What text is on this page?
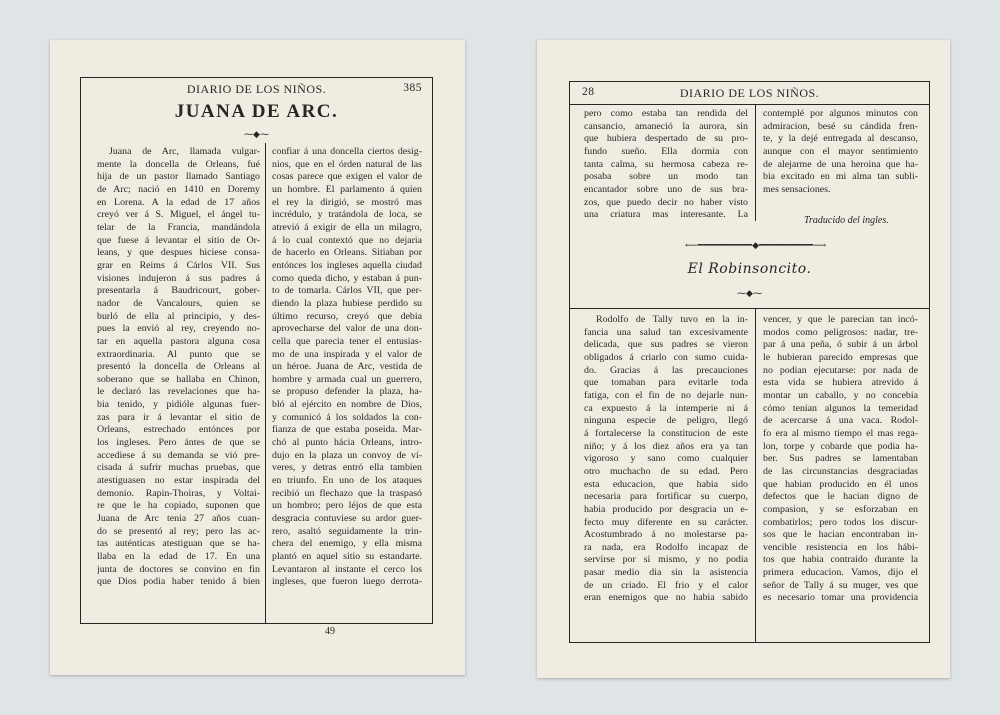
DIARIO DE LOS NIÑOS.	385
JUANA DE ARC.
⁓◆⁓
Juana de Arc, llamada vulgar-
mente la doncella de Orleans, fué
hija de un pastor llamado Santiago
de Arc; nació en 1410 en Doremy
en Lorena. A la edad de 17 años
creyó ver á S. Miguel, el ángel tu-
telar de la Francia, mandándola
que fuese á levantar el sitio de Or-
leans, y que despues hiciese consa-
grar en Reims á Cárlos VII. Sus
visiones indujeron á sus padres á
presentarla á Baudricourt, gober-
nador de Vancalours, quien se
burló de ella al principio, y des-
pues la envió al rey, creyendo no-
tar en aquella pastora alguna cosa
extraordinaria. Al punto que se
presentó la doncella de Orleans al
soberano que se hallaba en Chinon,
le declaró las revelaciones que ha-
bia tenido, y pidióle algunas fuer-
zas para ir á levantar el sitio de
Orleans, estrechado entónces por
los ingleses. Pero ántes de que se
accediese á su demanda se vió pre-
cisada á sufrir muchas pruebas, que
atestiguasen no estar inspirada del
demonio. Rapin-Thoiras, y Voltai-
re que le ha copiado, suponen que
Juana de Arc tenia 27 años cuan-
do se presentó al rey; pero las ac-
tas auténticas atestiguan que se ha-
llaba en la edad de 17. En una
junta de doctores se convino en fin
que Dios podia haber tenido á bien
confiar á una doncella ciertos desig-
nios, que en el órden natural de las
cosas parece que exigen el valor de
un hombre. El parlamento á quien
el rey la dirigió, se mostró mas
incrédulo, y tratándola de loca, se
atrevió á exigir de ella un milagro,
á lo cual contextó que no dejaria
de hacerlo en Orleans. Sitiaban por
entónces los ingleses aquella ciudad
como queda dicho, y estaban á pun-
to de tomarla. Cárlos VII, que per-
diendo la plaza hubiese perdido su
último recurso, creyó que debia
aprovecharse del valor de una don-
cella que parecia tener el entusias-
mo de una inspirada y el valor de
un héroe. Juana de Arc, vestida de
hombre y armada cual un guerrero,
se propuso defender la plaza, ha-
bló al ejército en nombre de Dios,
y comunicó á los soldados la con-
fianza de que estaba poseida. Mar-
chó al punto hácia Orleans, intro-
dujo en la plaza un convoy de ví-
veres, y detras entró ella tambien
en triunfo. En uno de los ataques
recibió un flechazo que la traspasó
un hombro; pero léjos de que esta
desgracia contuviese su ardor guer-
rero, asaltó seguidamente la trin-
chera del enemigo, y ella misma
plantó en aquel sitio su estandarte.
Levantaron al instante el cerco los
ingleses, que fueron luego derrota-
49
28	DIARIO DE LOS NIÑOS.
pero como estaba tan rendida del
cansancio, amaneció la aurora, sin
que hubiera despertado de su pro-
fundo sueño. Ella dormia con
tanta calma, su hermosa cabeza re-
posaba sobre un modo tan
encantador sobre uno de sus bra-
zos, que puedo decir no haber visto
una criatura mas interesante. La
contemplé por algunos minutos con
admiracion, besé su cándida fren-
te, y la dejé entregada al descanso,
aunque con el mayor sentimiento
de alejarme de una heroina que ha-
bia excitado en mi alma tan subli-
mes sensaciones.
Traducido del ingles.
⟵━━━━━━━━━━◆━━━━━━━━━━⟶
El Robinsoncito.
⁓◆⁓
Rodolfo de Tally tuvo en la in-
fancia una salud tan excesivamente
delicada, que sus padres se vieron
obligados á criarlo con sumo cuida-
do. Gracias á las precauciones
que tomaban para evitarle toda
fatiga, con el fin de no dejarle nun-
ca expuesto á la intemperie ni á
ninguna especie de peligro, llegó
á fortalecerse la constitucion de este
niño; y á los diez años era ya tan
vigoroso y sano como cualquier
otro muchacho de su edad. Pero
esta educacion, que habia sido
necesaria para fortificar su cuerpo,
habia producido por desgracia un e-
fecto muy diferente en su carácter.
Acostumbrado á no molestarse pa-
ra nada, era Rodolfo incapaz de
servirse por sí mismo, y no podia
pasar medio dia sin la asistencia
de un criado. El frio y el calor
eran enemigos que no habia sabido
vencer, y que le parecian tan incó-
modos como peligrosos: nadar, tre-
par á una peña, ó subir á un árbol
le hubieran parecido empresas que
no podian ejecutarse: por nada de
esta vida se hubiera atrevido á
montar un caballo, y no concebia
cómo tenian algunos la temeridad
de acercarse á una vaca. Rodol-
fo era al mismo tiempo el mas rega-
lon, torpe y cobarde que podia ha-
ber. Sus padres se lamentaban
de las circunstancias desgraciadas
que habian producido en él unos
defectos que le hacian digno de
compasion, y se esforzaban en
combatirlos; pero todos los discur-
sos que le hacian encontraban in-
vencible resistencia en los hábi-
tos que habia contraido durante la
primera educacion. Vamos, dijo el
señor de Tally á su muger, ves que
es necesario tomar una providencia
